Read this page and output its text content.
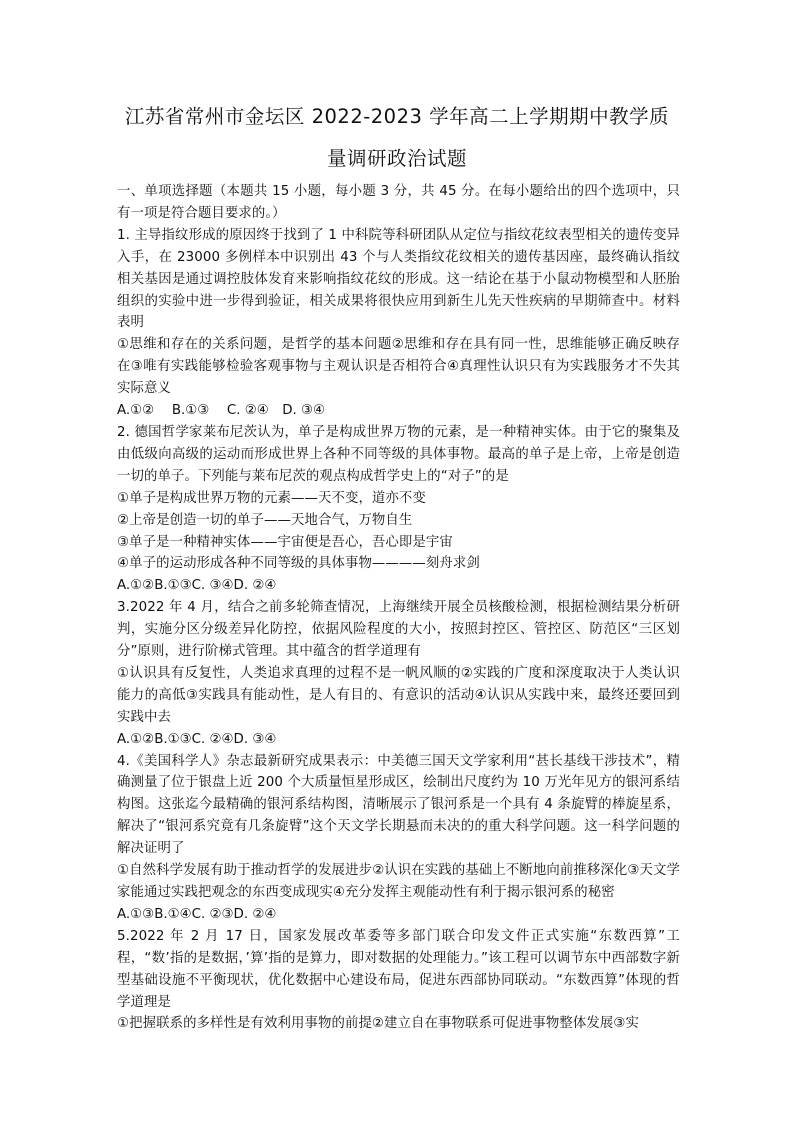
江苏省常州市金坛区 2022-2023 学年高二上学期期中教学质
量调研政治试题

一、单项选择题（本题共 15 小题，每小题 3 分，共 45 分。在每小题给出的四个选项中，只有一项是符合题目要求的。）

1. 主导指纹形成的原因终于找到了 1 中科院等科研团队从定位与指纹花纹表型相关的遗传变异入手，在 23000 多例样本中识别出 43 个与人类指纹花纹相关的遗传基因座，最终确认指纹相关基因是通过调控肢体发育来影响指纹花纹的形成。这一结论在基于小鼠动物模型和人胚胎组织的实验中进一步得到验证，相关成果将很快应用到新生儿先天性疾病的早期筛查中。材料表明

①思维和存在的关系问题，是哲学的基本问题②思维和存在具有同一性，思维能够正确反映存在③唯有实践能够检验客观事物与主观认识是否相符合④真理性认识只有为实践服务才不失其实际意义

A.①②　 B.①③　 C. ②④　D. ③④

2. 德国哲学家莱布尼茨认为，单子是构成世界万物的元素，是一种精神实体。由于它的聚集及由低级向高级的运动而形成世界上各种不同等级的具体事物。最高的单子是上帝，上帝是创造一切的单子。下列能与莱布尼茨的观点构成哲学史上的“对子”的是

①单子是构成世界万物的元素——天不变，道亦不变

②上帝是创造一切的单子——天地合气，万物自生

③单子是一种精神实体——宇宙便是吾心，吾心即是宇宙

④单子的运动形成各种不同等级的具体事物————刻舟求剑

A.①②B.①③C. ③④D. ②④

3.2022 年 4 月，结合之前多轮筛查情况，上海继续开展全员核酸检测，根据检测结果分析研判，实施分区分级差异化防控，依据风险程度的大小，按照封控区、管控区、防范区“三区划分”原则，进行阶梯式管理。其中蕴含的哲学道理有

①认识具有反复性，人类追求真理的过程不是一帆风顺的②实践的广度和深度取决于人类认识能力的高低③实践具有能动性，是人有目的、有意识的活动④认识从实践中来，最终还要回到实践中去

A.①②B.①③C. ②④D. ③④

4.《美国科学人》杂志最新研究成果表示：中美德三国天文学家利用“甚长基线干涉技术”，精确测量了位于银盘上近 200 个大质量恒星形成区，绘制出尺度约为 10 万光年见方的银河系结构图。这张迄今最精确的银河系结构图，清晰展示了银河系是一个具有 4 条旋臂的棒旋星系，解决了“银河系究竟有几条旋臂”这个天文学长期悬而未决的的重大科学问题。这一科学问题的解决证明了

①自然科学发展有助于推动哲学的发展进步②认识在实践的基础上不断地向前推移深化③天文学家能通过实践把观念的东西变成现实④充分发挥主观能动性有利于揭示银河系的秘密

A.①③B.①④C. ②③D. ②④

5.2022 年 2 月 17 日，国家发展改革委等多部门联合印发文件正式实施“东数西算”工程，“数’指的是数据，’算’指的是算力，即对数据的处理能力。”该工程可以调节东中西部数字新型基础设施不平衡现状，优化数据中心建设布局，促进东西部协同联动。“东数西算”体现的哲学道理是

①把握联系的多样性是有效利用事物的前提②建立自在事物联系可促进事物整体发展③实
